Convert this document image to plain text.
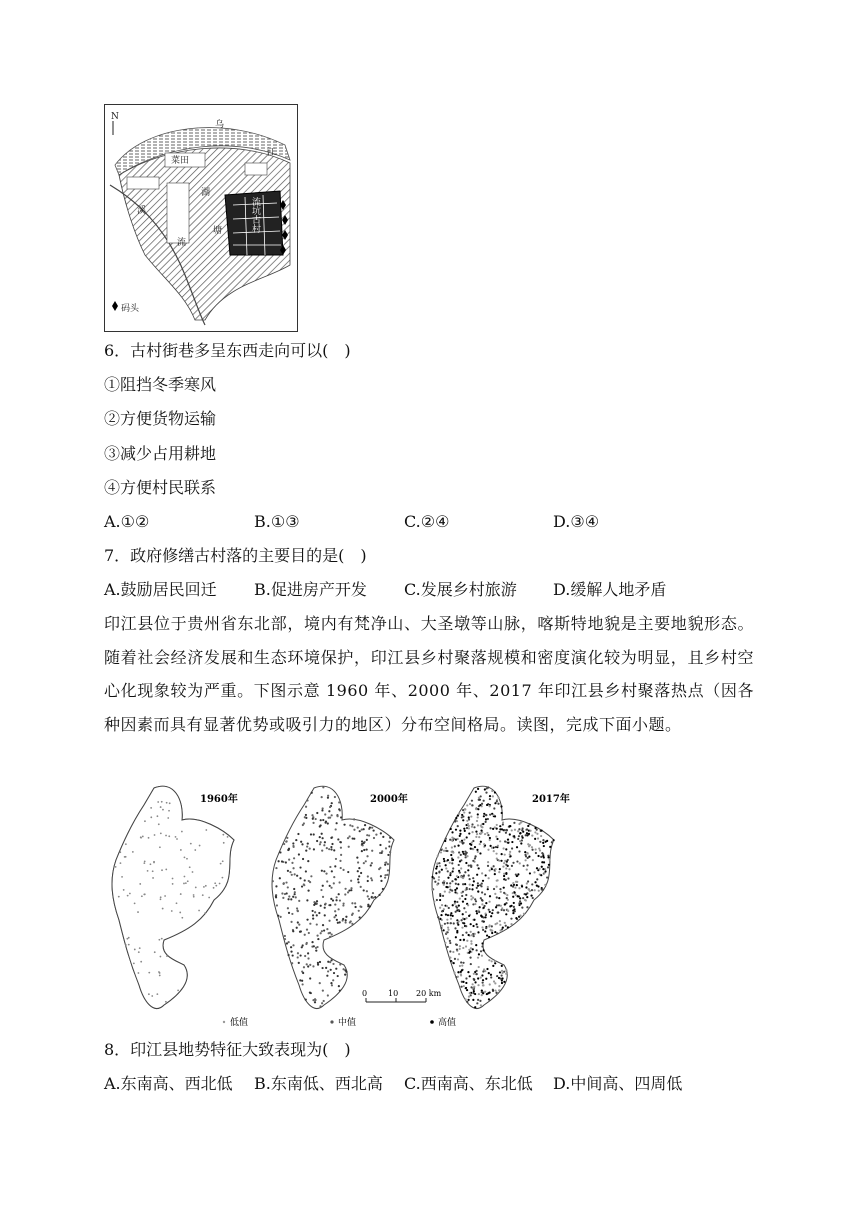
N
乌
江
溪
流
菜田
湖
塘	流坑古村
码头
6．古村街巷多呈东西走向可以(　)
①阻挡冬季寒风
②方便货物运输
③减少占用耕地
④方便村民联系
A.①②	B.①③	C.②④	D.③④
7．政府修缮古村落的主要目的是(　)
A.鼓励居民回迁 B.促进房产开发 C.发展乡村旅游 D.缓解人地矛盾
印江县位于贵州省东北部，境内有梵净山、大圣墩等山脉，喀斯特地貌是主要地貌形态。随着社会经济发展和生态环境保护，印江县乡村聚落规模和密度演化较为明显，且乡村空心化现象较为严重。下图示意 1960 年、2000 年、2017 年印江县乡村聚落热点（因各种因素而具有显著优势或吸引力的地区）分布空间格局。读图，完成下面小题。
1960年	2000年	2017年
0	10 20 km
低值	中值	高值
8．印江县地势特征大致表现为(　)
A.东南高、西北低 B.东南低、西北高 C.西南高、东北低 D.中间高、四周低
